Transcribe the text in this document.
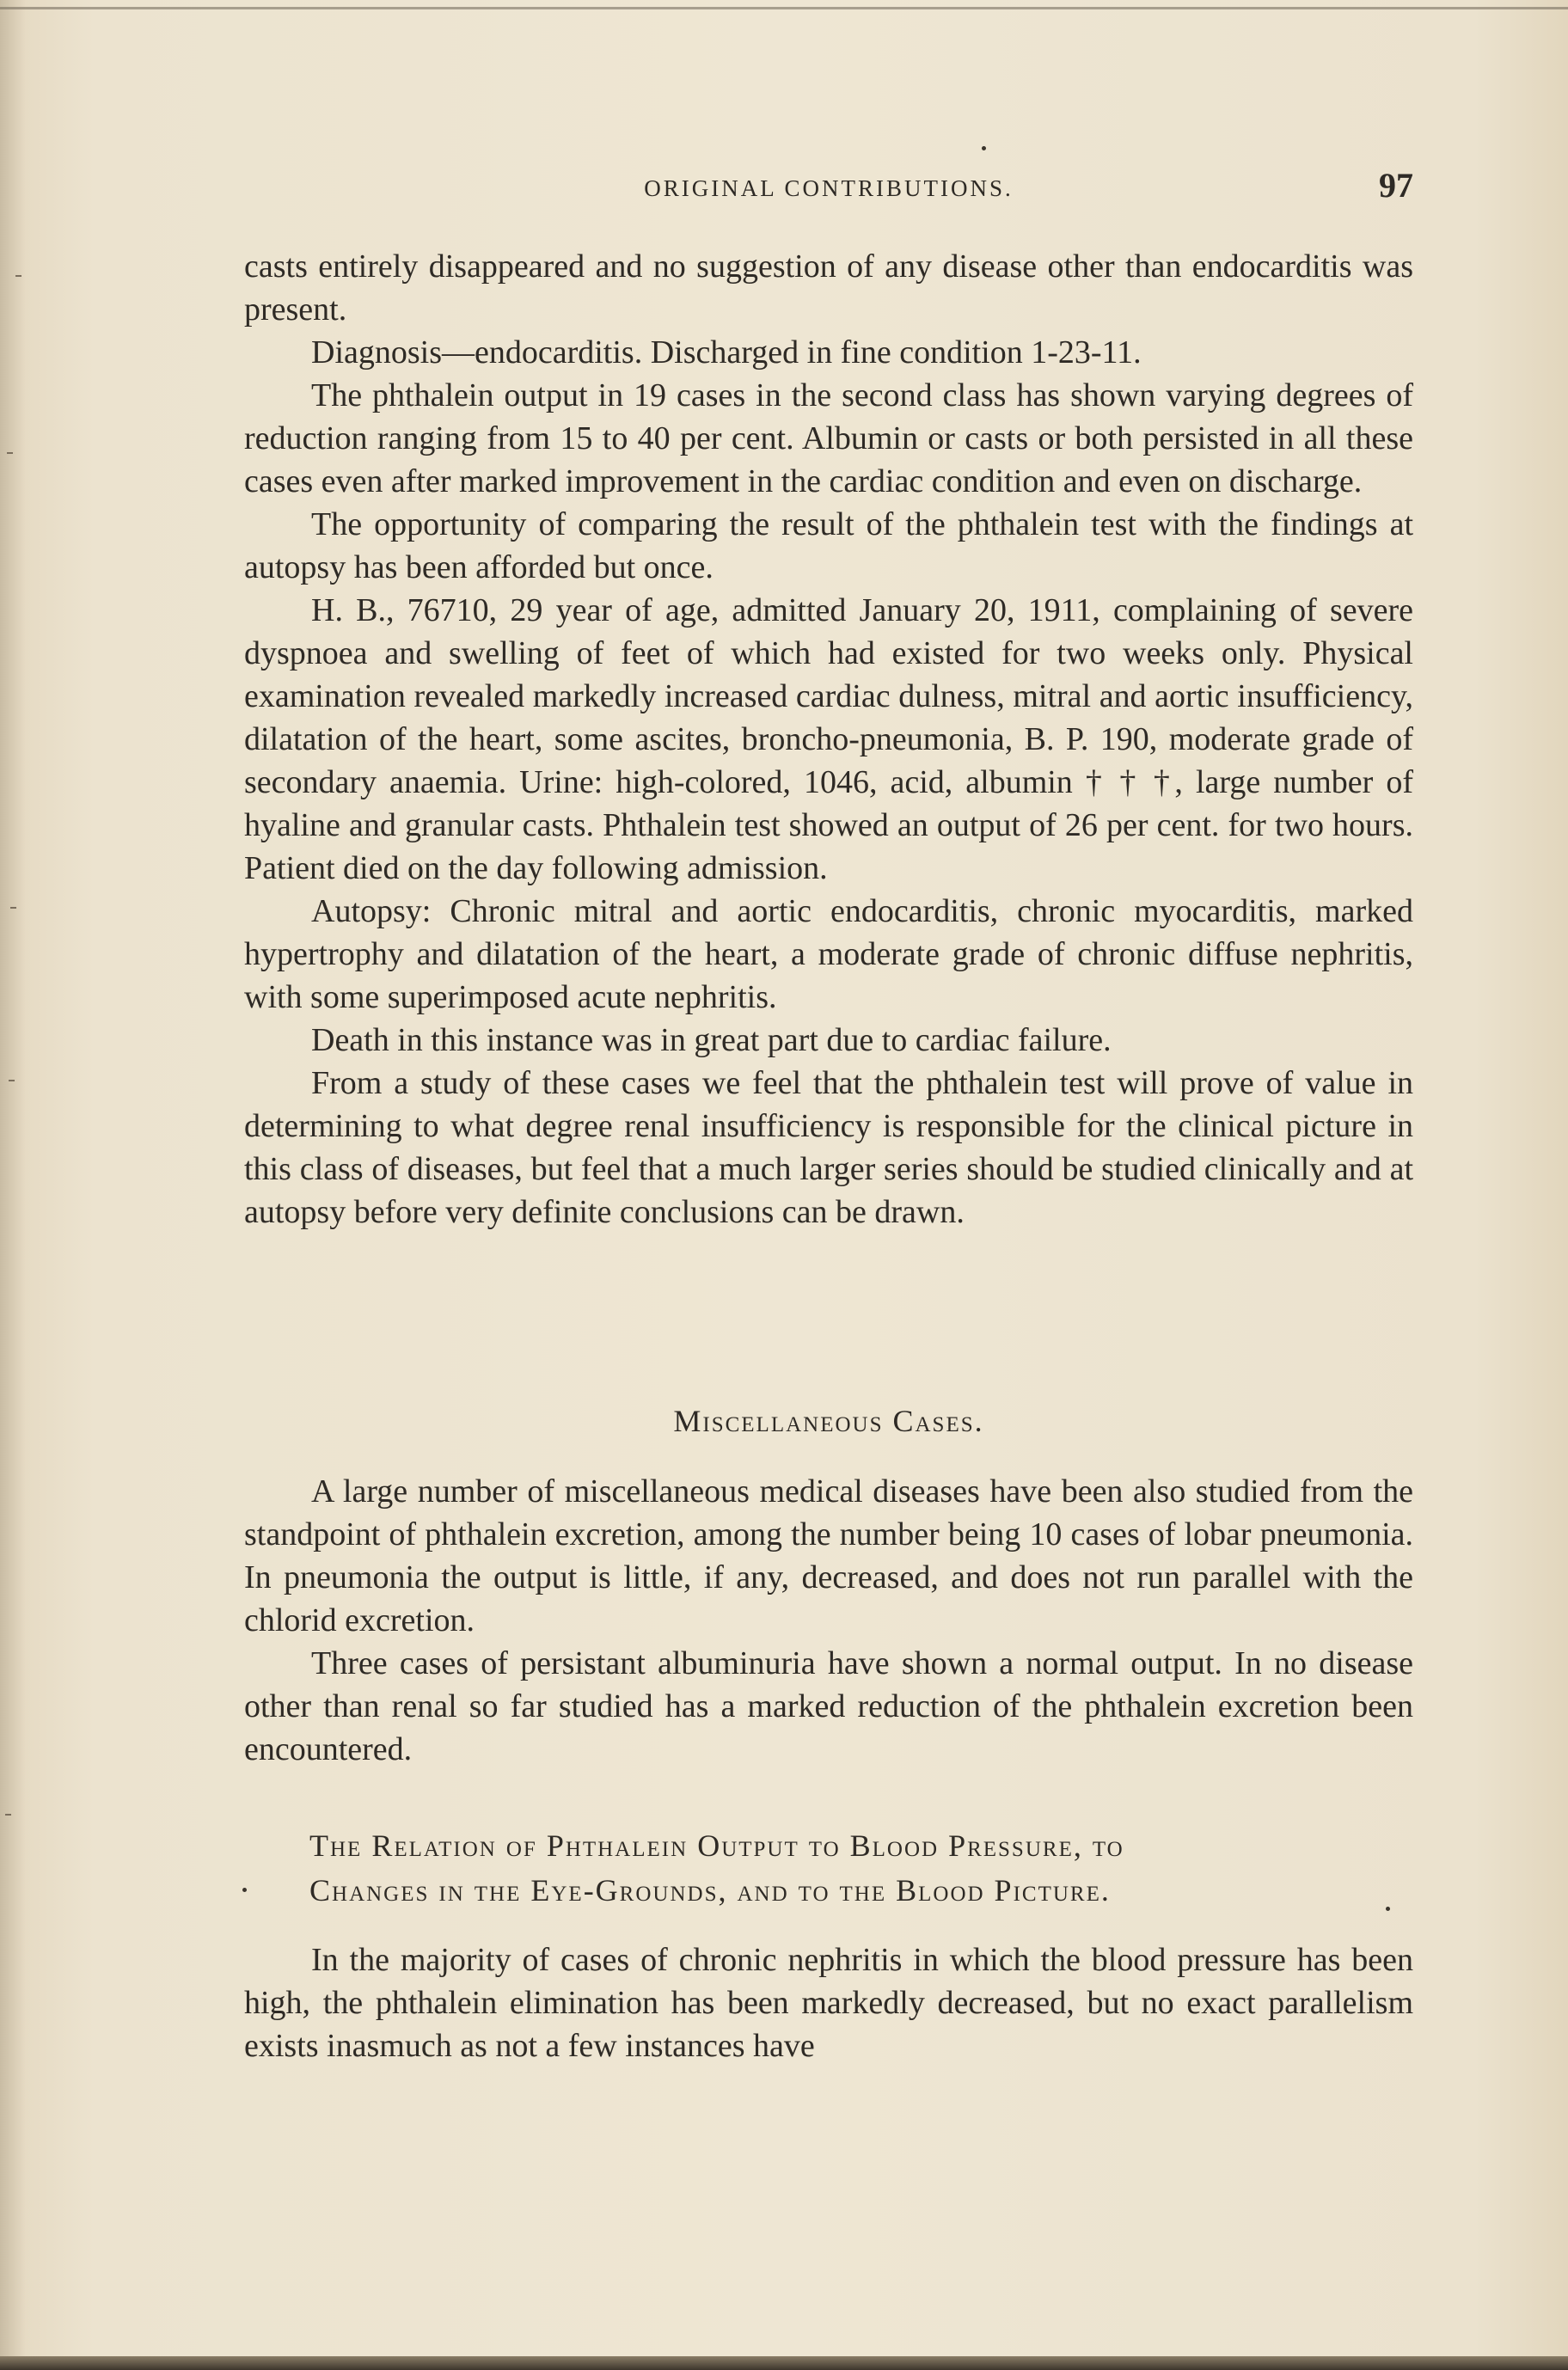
ORIGINAL CONTRIBUTIONS.	97

casts entirely disappeared and no suggestion of any disease other than endocarditis was present.

Diagnosis—endocarditis. Discharged in fine condition 1-23-11.

The phthalein output in 19 cases in the second class has shown varying degrees of reduction ranging from 15 to 40 per cent. Albumin or casts or both persisted in all these cases even after marked improvement in the cardiac condition and even on discharge.

The opportunity of comparing the result of the phthalein test with the findings at autopsy has been afforded but once.

H. B., 76710, 29 year of age, admitted January 20, 1911, complaining of severe dyspnoea and swelling of feet of which had existed for two weeks only. Physical examination revealed markedly increased cardiac dulness, mitral and aortic insufficiency, dilatation of the heart, some ascites, broncho-pneumonia, B. P. 190, moderate grade of secondary anaemia. Urine: high-colored, 1046, acid, albumin † † †, large number of hyaline and granular casts. Phthalein test showed an output of 26 per cent. for two hours. Patient died on the day following admission.

Autopsy: Chronic mitral and aortic endocarditis, chronic myocarditis, marked hypertrophy and dilatation of the heart, a moderate grade of chronic diffuse nephritis, with some superimposed acute nephritis.

Death in this instance was in great part due to cardiac failure.

From a study of these cases we feel that the phthalein test will prove of value in determining to what degree renal insufficiency is responsible for the clinical picture in this class of diseases, but feel that a much larger series should be studied clinically and at autopsy before very definite conclusions can be drawn.

Miscellaneous Cases.

A large number of miscellaneous medical diseases have been also studied from the standpoint of phthalein excretion, among the number being 10 cases of lobar pneumonia. In pneumonia the output is little, if any, decreased, and does not run parallel with the chlorid excretion.

Three cases of persistant albuminuria have shown a normal output. In no disease other than renal so far studied has a marked reduction of the phthalein excretion been encountered.

The Relation of Phthalein Output to Blood Pressure, to
Changes in the Eye-Grounds, and to the Blood Picture.

In the majority of cases of chronic nephritis in which the blood pressure has been high, the phthalein elimination has been markedly decreased, but no exact parallelism exists inasmuch as not a few instances have
